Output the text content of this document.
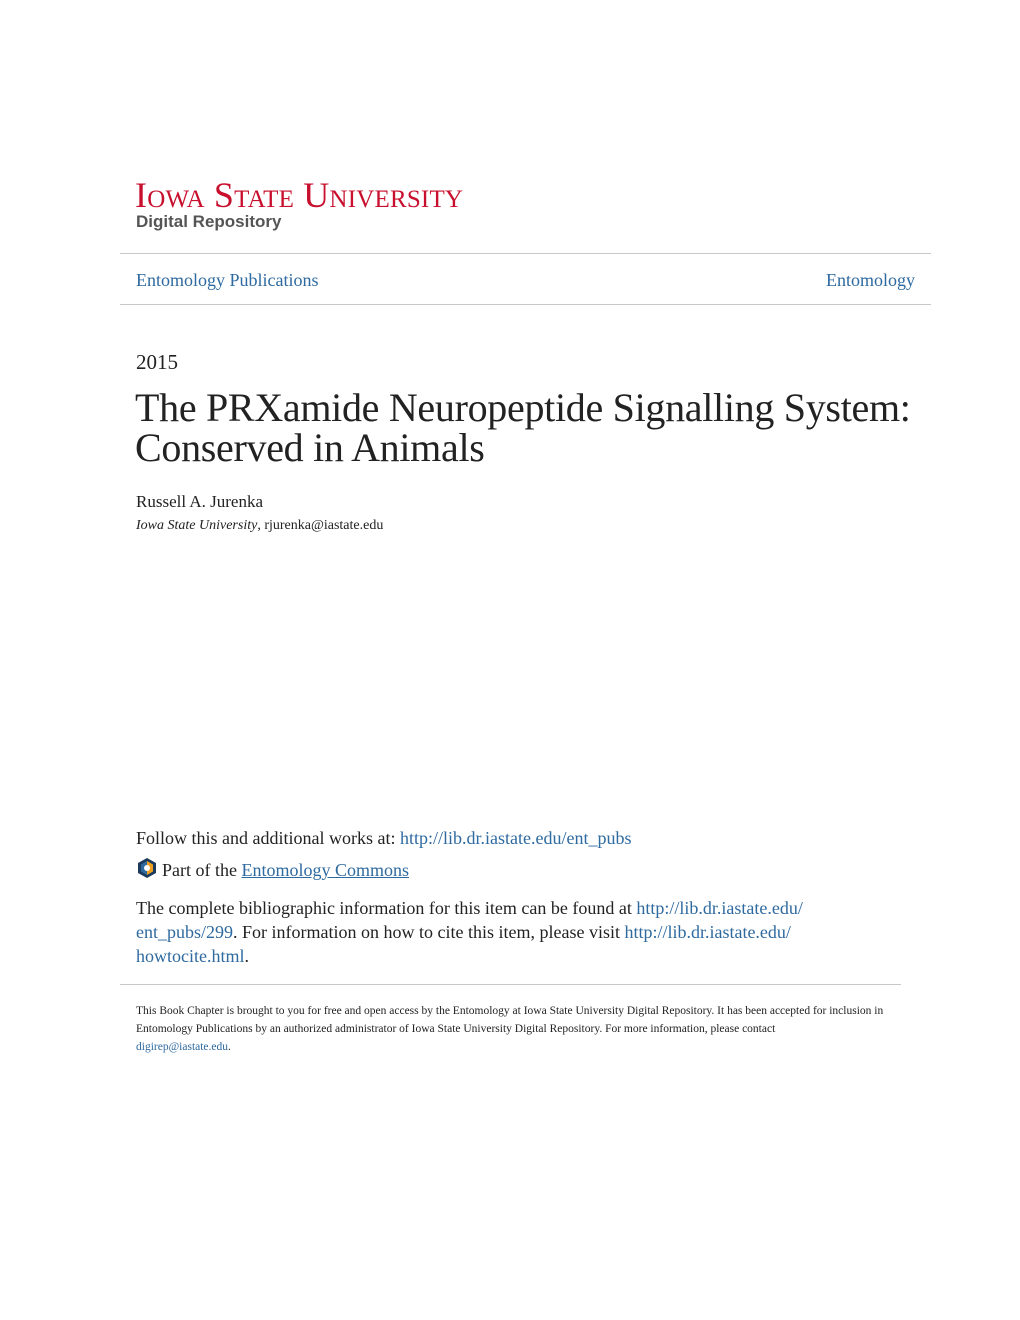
Iowa State University
Digital Repository
Entomology Publications	Entomology
2015
The PRXamide Neuropeptide Signalling System: Conserved in Animals
Russell A. Jurenka
Iowa State University, rjurenka@iastate.edu
Follow this and additional works at: http://lib.dr.iastate.edu/ent_pubs
Part of the Entomology Commons
The complete bibliographic information for this item can be found at http://lib.dr.iastate.edu/
ent_pubs/299. For information on how to cite this item, please visit http://lib.dr.iastate.edu/
howtocite.html.
This Book Chapter is brought to you for free and open access by the Entomology at Iowa State University Digital Repository. It has been accepted for inclusion in Entomology Publications by an authorized administrator of Iowa State University Digital Repository. For more information, please contact
digirep@iastate.edu.
